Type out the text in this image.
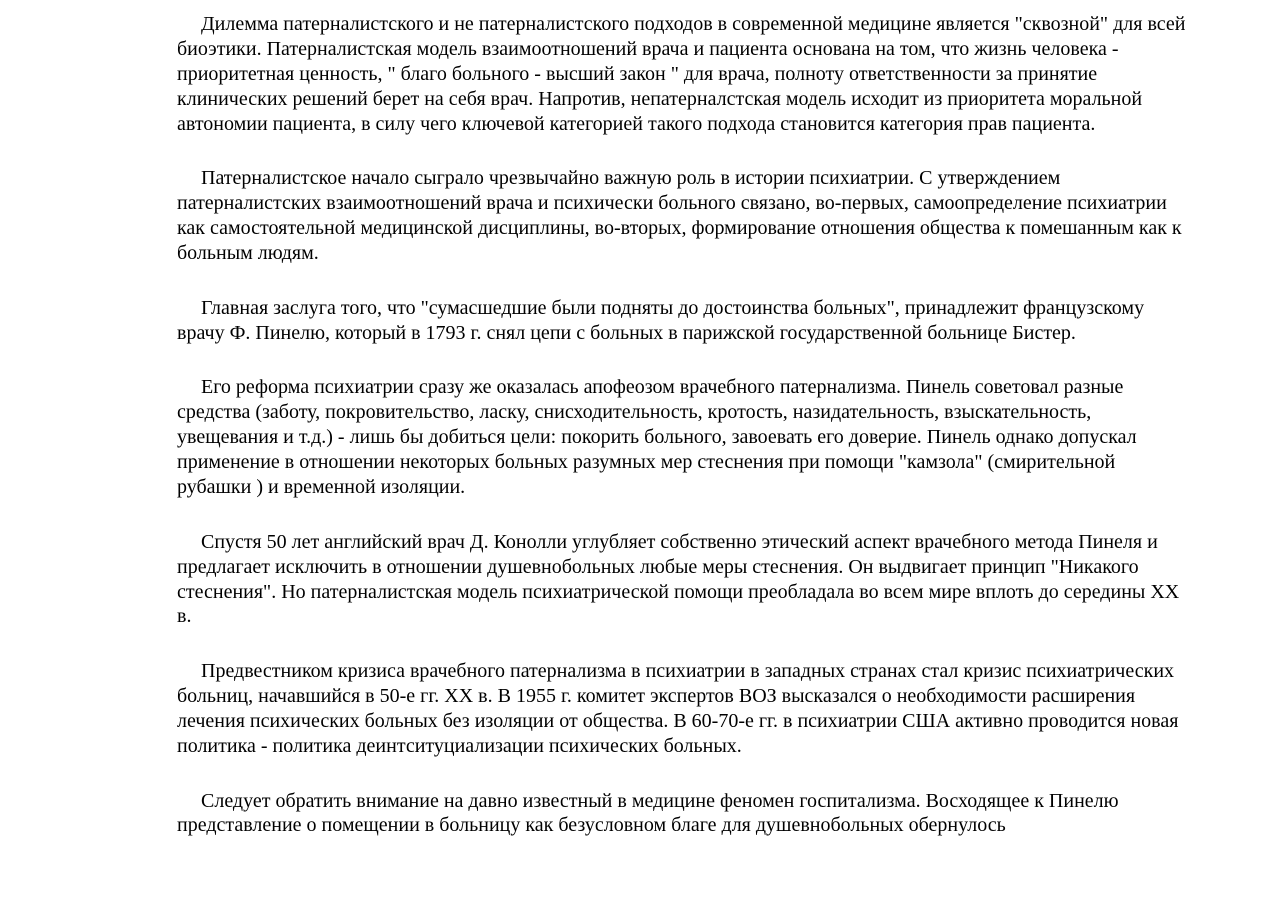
Дилемма патерналистского и не патерналистского подходов в современной медицине является "сквозной" для всей биоэтики. Патерналистская модель взаимоотношений врача и пациента основана на том, что жизнь человека - приоритетная ценность, " благо больного - высший закон " для врача, полноту ответственности за принятие клинических решений берет на себя врач. Напротив, непатерналстская модель исходит из приоритета моральной автономии пациента, в силу чего ключевой категорией такого подхода становится категория прав пациента.

Патерналистское начало сыграло чрезвычайно важную роль в истории психиатрии. С утверждением патерналистских взаимоотношений врача и психически больного связано, во-первых, самоопределение психиатрии как самостоятельной медицинской дисциплины, во-вторых, формирование отношения общества к помешанным как к больным людям.

Главная заслуга того, что "сумасшедшие были подняты до достоинства больных", принадлежит французскому врачу Ф. Пинелю, который в 1793 г. снял цепи с больных в парижской государственной больнице Бистер.

Его реформа психиатрии сразу же оказалась апофеозом врачебного патернализма. Пинель советовал разные средства (заботу, покровительство, ласку, снисходительность, кротость, назидательность, взыскательность, увещевания и т.д.) - лишь бы добиться цели: покорить больного, завоевать его доверие. Пинель однако допускал применение в отношении некоторых больных разумных мер стеснения при помощи "камзола" (смирительной рубашки ) и временной изоляции.

Спустя 50 лет английский врач Д. Конолли углубляет собственно этический аспект врачебного метода Пинеля и предлагает исключить в отношении душевнобольных любые меры стеснения. Он выдвигает принцип "Никакого стеснения". Но патерналистская модель психиатрической помощи преобладала во всем мире вплоть до середины XX в.

Предвестником кризиса врачебного патернализма в психиатрии в западных странах стал кризис психиатрических больниц, начавшийся в 50-е гг. XX в. В 1955 г. комитет экспертов ВОЗ высказался о необходимости расширения лечения психических больных без изоляции от общества. В 60-70-е гг. в психиатрии США активно проводится новая политика - политика деинтситуциализации психических больных.

Следует обратить внимание на давно известный в медицине феномен госпитализма. Восходящее к Пинелю представление о помещении в больницу как безусловном благе для душевнобольных обернулось
